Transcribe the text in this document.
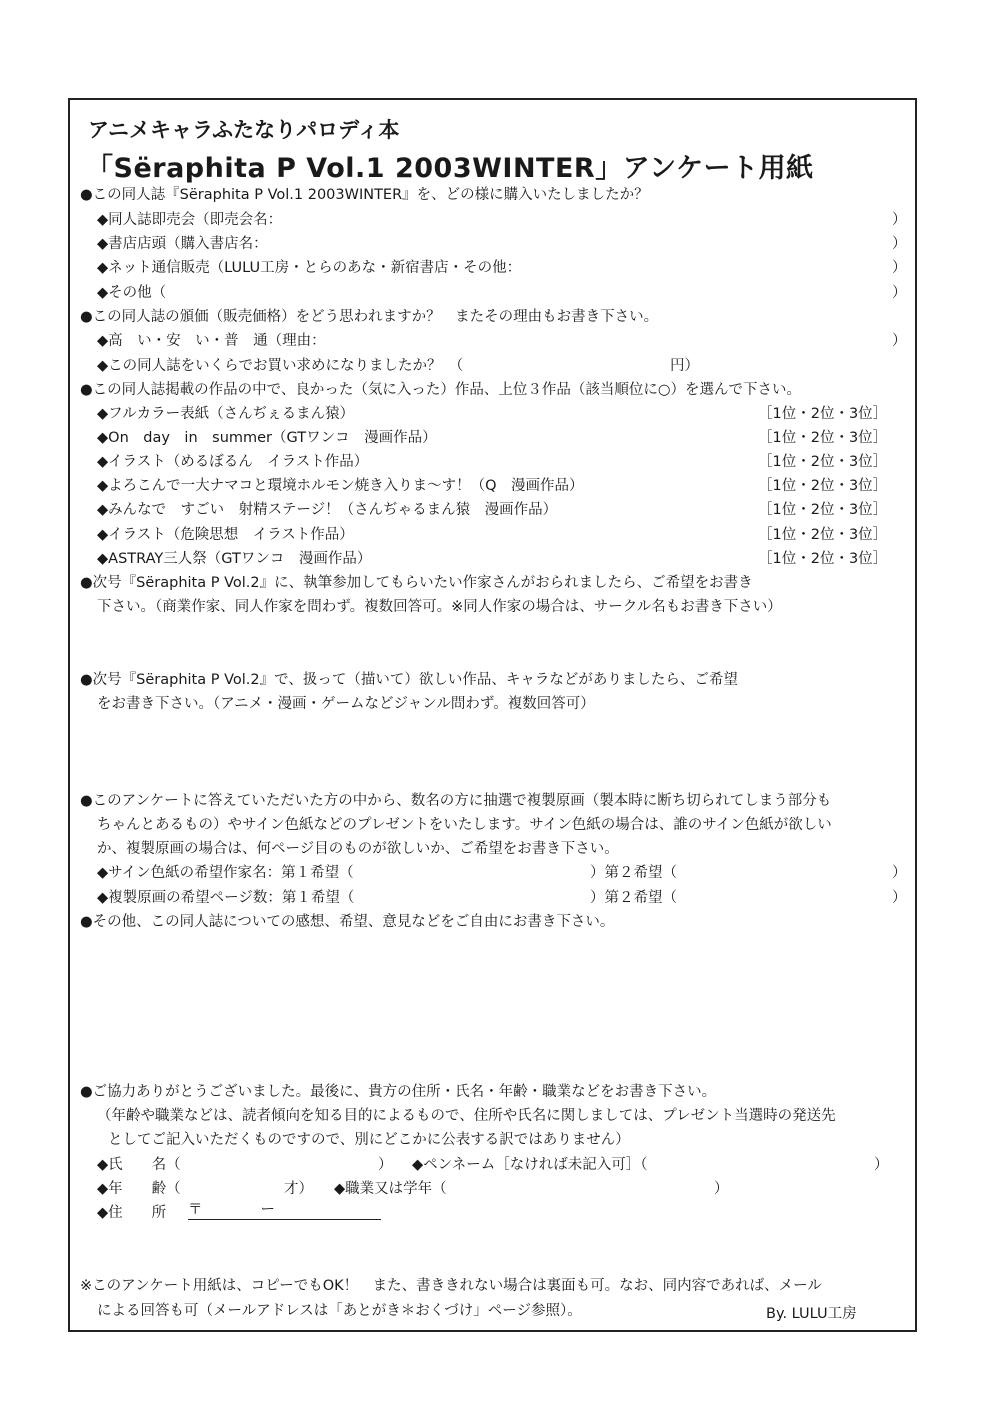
アニメキャラふたなりパロディ本
「Sëraphita P Vol.1 2003WINTER」アンケート用紙
●この同人誌『Sëraphita P Vol.1 2003WINTER』を、どの様に購入いたしましたか？
◆同人誌即売会（即売会名：	）
◆書店店頭（購入書店名：	）
◆ネット通信販売（LULU工房・とらのあな・新宿書店・その他：	）
◆その他（	）
●この同人誌の頒価（販売価格）をどう思われますか？　またその理由もお書き下さい。
◆高　い・安　い・普　通（理由：	）
◆この同人誌をいくらでお買い求めになりましたか？　（	円）
●この同人誌掲載の作品の中で、良かった（気に入った）作品、上位３作品（該当順位に○）を選んで下さい。
◆フルカラー表紙（さんぢぇるまん猿）	［1位・2位・3位］
◆On　day　in　summer（GTワンコ　漫画作品）	［1位・2位・3位］
◆イラスト（めるぼるん　イラスト作品）	［1位・2位・3位］
◆よろこんで一大ナマコと環境ホルモン焼き入りま～す！（Q　漫画作品）	［1位・2位・3位］
◆みんなで　すごい　射精ステージ！（さんぢゃるまん猿　漫画作品）	［1位・2位・3位］
◆イラスト（危険思想　イラスト作品）	［1位・2位・3位］
◆ASTRAY三人祭（GTワンコ　漫画作品）	［1位・2位・3位］
●次号『Sëraphita P Vol.2』に、執筆参加してもらいたい作家さんがおられましたら、ご希望をお書き
下さい。（商業作家、同人作家を問わず。複数回答可。※同人作家の場合は、サークル名もお書き下さい）
●次号『Sëraphita P Vol.2』で、扱って（描いて）欲しい作品、キャラなどがありましたら、ご希望
をお書き下さい。（アニメ・漫画・ゲームなどジャンル問わず。複数回答可）
●このアンケートに答えていただいた方の中から、数名の方に抽選で複製原画（製本時に断ち切られてしまう部分も
ちゃんとあるもの）やサイン色紙などのプレゼントをいたします。サイン色紙の場合は、誰のサイン色紙が欲しい
か、複製原画の場合は、何ページ目のものが欲しいか、ご希望をお書き下さい。
◆サイン色紙の希望作家名：第１希望（	）第２希望（	）
◆複製原画の希望ページ数：第１希望（	）第２希望（	）
●その他、この同人誌についての感想、希望、意見などをご自由にお書き下さい。
●ご協力ありがとうございました。最後に、貴方の住所・氏名・年齢・職業などをお書き下さい。
（年齢や職業などは、読者傾向を知る目的によるもので、住所や氏名に関しましては、プレゼント当選時の発送先
としてご記入いただくものですので、別にどこかに公表する訳ではありません）
◆氏　　名（	） ◆ペンネーム［なければ未記入可］（	）
◆年　　齢（	才） ◆職業又は学年（	）
◆住　　所 〒　　　　ー
※このアンケート用紙は、コピーでもOK！　また、書ききれない場合は裏面も可。なお、同内容であれば、メール
による回答も可（メールアドレスは「あとがき＊おくづけ」ページ参照）。	By. LULU工房
